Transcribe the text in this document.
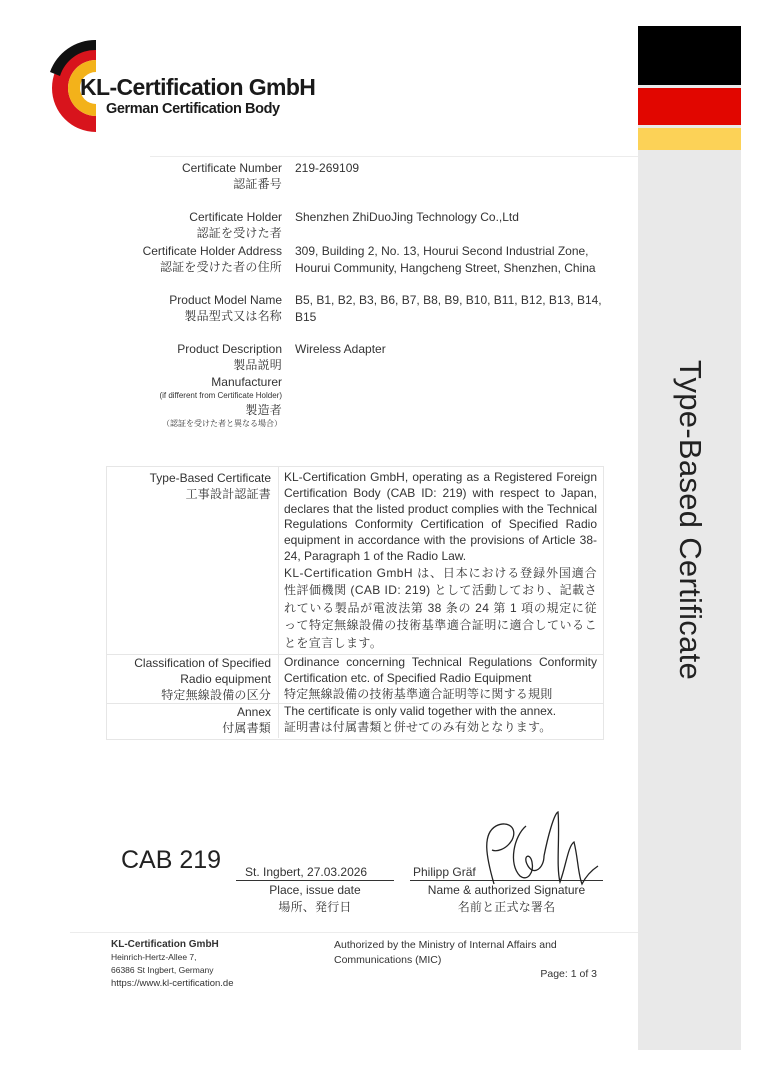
Type-Based Certificate
KL-Certification GmbH
German Certification Body
Certificate Number
認証番号
219-269109
Certificate Holder
認証を受けた者
Shenzhen ZhiDuoJing Technology Co.,Ltd
Certificate Holder Address
認証を受けた者の住所
309, Building 2, No. 13, Hourui Second Industrial Zone,
Hourui Community, Hangcheng Street, Shenzhen, China
Product Model Name
製品型式又は名称
B5, B1, B2, B3, B6, B7, B8, B9, B10, B11, B12, B13, B14,
B15
Product Description
製品説明
Wireless Adapter
Manufacturer
(if different from Certificate Holder)
製造者
（認証を受けた者と異なる場合）
Type-Based Certificate
工事設計認証書
KL-Certification GmbH, operating as a Registered Foreign Certification Body (CAB ID: 219) with respect to Japan, declares that the listed product complies with the Technical Regulations Conformity Certification of Specified Radio equipment in accordance with the provisions of Article 38-24, Paragraph 1 of the Radio Law.
KL-Certification GmbH は、日本における登録外国適合性評価機関 (CAB ID: 219) として活動しており、記載されている製品が電波法第 38 条の 24 第 1 項の規定に従って特定無線設備の技術基準適合証明に適合していることを宣言します。
Classification of Specified
Radio equipment
特定無線設備の区分
Ordinance concerning Technical Regulations Conformity Certification etc. of Specified Radio Equipment
特定無線設備の技術基準適合証明等に関する規則
Annex
付属書類
The certificate is only valid together with the annex.
証明書は付属書類と併せてのみ有効となります。
CAB 219 St. Ingbert, 27.03.2026
Place, issue date
場所、発行日
Philipp Gräf
Name & authorized Signature
名前と正式な署名
KL-Certification GmbH
Heinrich-Hertz-Allee 7,
66386 St Ingbert, Germany
https://www.kl-certification.de
Authorized by the Ministry of Internal Affairs and Communications (MIC)
Page: 1 of 3
